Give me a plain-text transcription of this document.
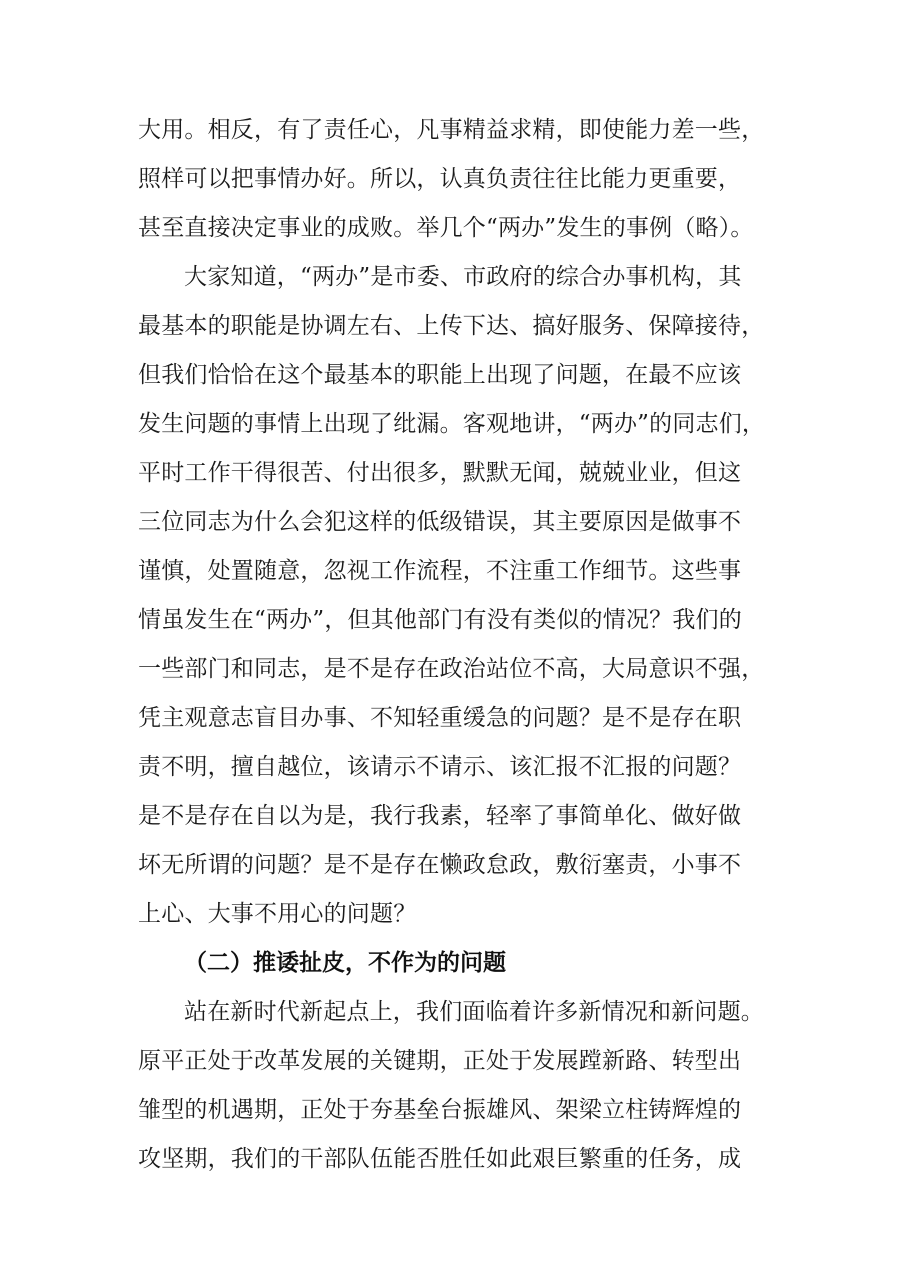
大用。相反，有了责任心，凡事精益求精，即使能力差一些，
照样可以把事情办好。所以，认真负责往往比能力更重要，
甚至直接决定事业的成败。举几个“两办”发生的事例（略）。
大家知道，“两办”是市委、市政府的综合办事机构，其
最基本的职能是协调左右、上传下达、搞好服务、保障接待，
但我们恰恰在这个最基本的职能上出现了问题，在最不应该
发生问题的事情上出现了纰漏。客观地讲，“两办”的同志们，
平时工作干得很苦、付出很多，默默无闻，兢兢业业，但这
三位同志为什么会犯这样的低级错误，其主要原因是做事不
谨慎，处置随意，忽视工作流程，不注重工作细节。这些事
情虽发生在“两办”，但其他部门有没有类似的情况？我们的
一些部门和同志，是不是存在政治站位不高，大局意识不强，
凭主观意志盲目办事、不知轻重缓急的问题？是不是存在职
责不明，擅自越位，该请示不请示、该汇报不汇报的问题？
是不是存在自以为是，我行我素，轻率了事简单化、做好做
坏无所谓的问题？是不是存在懒政怠政，敷衍塞责，小事不
上心、大事不用心的问题？
（二）推诿扯皮，不作为的问题
站在新时代新起点上，我们面临着许多新情况和新问题。
原平正处于改革发展的关键期，正处于发展蹚新路、转型出
雏型的机遇期，正处于夯基垒台振雄风、架梁立柱铸辉煌的
攻坚期，我们的干部队伍能否胜任如此艰巨繁重的任务，成
